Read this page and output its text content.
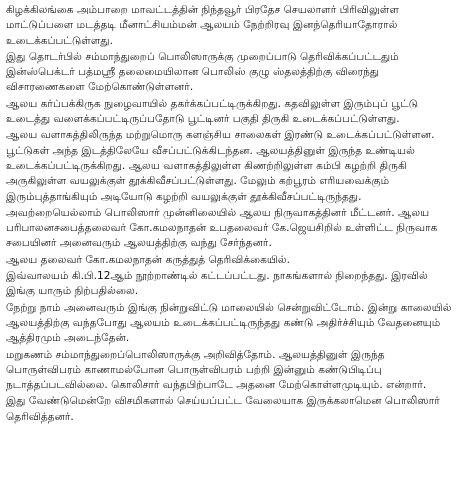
கிழக்கிலங்கை அம்பாறை மாவட்டத்தின் நிந்தவூர் பிரதேச செயலாளர் பிரிவிலுள்ள மாட்டுப்பளை மடத்தடி மீனாட்சியம்மன் ஆலயம் நேற்றிரவு இனந்தெரியாதோரால் உடைக்கப்பட்டுள்ளது.

இது தொடர்பில் சம்மாந்துறைப் பொலிஸாருக்கு முறைப்பாடு தெரிவிக்கப்பட்டதும் இன்ஸ்பெக்டர் பத்மஸ்ரீ தலைமையிலான பொலிஸ் குழு ஸ்தலத்திற்கு விரைந்து விசாரணைகளை மேற்கொண்டுள்ளனர்.

ஆலய கர்ப்பக்கிருக நுழைவாயில் தகர்க்கப்பட்டிருக்கிறது. கதவிலுள்ள இரும்புப் பூட்டு உடைத்து வளைக்கப்பட்டிருப்பதோடு பூட்டினர் பகுதி திருகி உடைக்கப்பட்டுள்ளது.

ஆலய வளாகத்திலிருந்த மற்றுமொரு களஞ்சிய சாலைகள் இரண்டு உடைக்கப்பட்டுள்ளன. பூட்டுகள் அந்த இடத்திலேயே வீசப்பட்டுக்கிடந்தன. ஆலயத்தினுள் இருந்த உண்டியல் உடைக்கப்பட்டிருக்கிறது. ஆலய வளாகத்திலுள்ள கிணற்றிலுள்ள கம்பி கழற்றி திருகி அருகிலுள்ள வயலுக்குள் தூக்கிவீசப்பட்டுள்ளது. மேலும் கற்பூரம் எரியவைக்கும் இரும்புத்தாங்கியும் அடியோடு கழற்றி வயலுக்குள் தூக்கிவீசப்பட்டிருந்தது.

அவற்றையெல்லாம் பொலிஸார் முன்னிலையில் ஆலய நிருவாகத்தினர் மீட்டனர். ஆலய பரிபாலனசபைத்தலைவர் கோ.கமலநாதன் உபதலைவர் கே.ஜெயசிறில் உள்ளிட்ட நிருவாக சபையினர் அனைவரும் ஆலயத்திற்கு வந்து சேர்ந்தனர்.

ஆலய தலைவர் கோ.கமலநாதன் கருத்துத் தெரிவிக்கையில்.

இவ்வாலயம் கி.பி.12ஆம் நூற்றாண்டில் கட்டப்பட்டது. நாகங்களால் நிறைந்தது. இரவில் இங்கு யாரும் நிற்பதில்லை.

நேற்று நாம் அனைவரும் இங்கு நின்றுவிட்டு மாலையில் சென்றுவிட்டோம். இன்று காலையில் ஆலயத்திற்கு வந்தபோது ஆலயம் உடைக்கப்பட்டிருந்தது கண்டு அதிர்ச்சியும் வேதனையும் ஆத்திரமும் அடைந்தேன்.

மறுகணம் சம்மாந்துறைப்பொலிஸாருக்கு அறிவித்தோம். ஆலயத்தினுள் இருந்த பொருள்விபரம் காணாமல்போன பொருள்விபரம் பற்றி இன்னும் கண்டுபிடிப்பு நடாத்தப்படவில்லை. கொலிசார் வந்தபிற்பாடே அதனை மேற்கொள்ளமுடியும். என்றார்.

இது வேண்டுமென்றே விசமிகளால் செய்யப்பட்ட வேலையாக இருக்கலாமென பொலிஸார் தெரிவித்தனர்.
